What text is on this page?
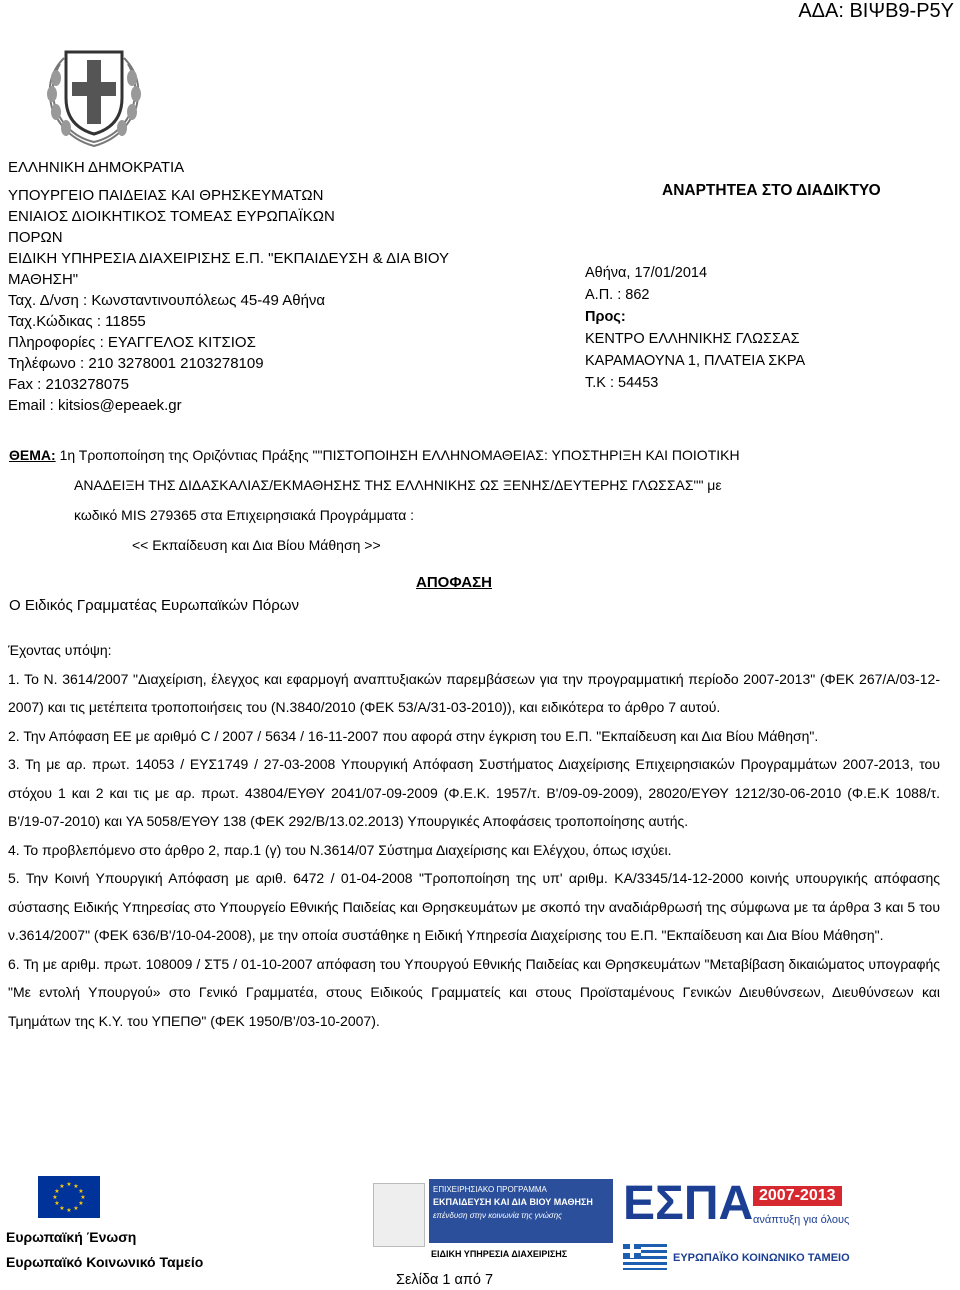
ΑΔΑ: ΒΙΨΒ9-Ρ5Υ
ΕΛΛΗΝΙΚΗ ΔΗΜΟΚΡΑΤΙΑ
ΥΠΟΥΡΓΕΙΟ ΠΑΙΔΕΙΑΣ ΚΑΙ ΘΡΗΣΚΕΥΜΑΤΩΝ
ΕΝΙΑΙΟΣ ΔΙΟΙΚΗΤΙΚΟΣ ΤΟΜΕΑΣ ΕΥΡΩΠΑΪΚΩΝ
ΠΟΡΩΝ
ΕΙΔΙΚΗ ΥΠΗΡΕΣΙΑ ΔΙΑΧΕΙΡΙΣΗΣ Ε.Π. "ΕΚΠΑΙΔΕΥΣΗ & ΔΙΑ ΒΙΟΥ
ΜΑΘΗΣΗ"
Ταχ. Δ/νση : Κωνσταντινουπόλεως 45-49 Αθήνα
Ταχ.Κώδικας : 11855
Πληροφορίες : ΕΥΑΓΓΕΛΟΣ ΚΙΤΣΙΟΣ
Τηλέφωνο : 210 3278001 2103278109
Fax : 2103278075
Email : kitsios@epeaek.gr
ΑΝΑΡΤΗΤΕΑ ΣΤΟ ΔΙΑΔΙΚΤΥΟ
Αθήνα, 17/01/2014
Α.Π. : 862
Προς:
ΚΕΝΤΡΟ ΕΛΛΗΝΙΚΗΣ ΓΛΩΣΣΑΣ
ΚΑΡΑΜΑΟΥΝΑ 1, ΠΛΑΤΕΙΑ ΣΚΡΑ
Τ.Κ : 54453
ΘΕΜΑ: 1η Τροποποίηση της Οριζόντιας Πράξης ""ΠΙΣΤΟΠΟΙΗΣΗ ΕΛΛΗΝΟΜΑΘΕΙΑΣ: ΥΠΟΣΤΗΡΙΞΗ ΚΑΙ ΠΟΙΟΤΙΚΗ
ΑΝΑΔΕΙΞΗ ΤΗΣ ΔΙΔΑΣΚΑΛΙΑΣ/ΕΚΜΑΘΗΣΗΣ ΤΗΣ ΕΛΛΗΝΙΚΗΣ ΩΣ ΞΕΝΗΣ/ΔΕΥΤΕΡΗΣ ΓΛΩΣΣΑΣ"" με
κωδικό MIS 279365 στα Επιχειρησιακά Προγράμματα :
<< Εκπαίδευση και Δια Βίου Μάθηση >>
ΑΠΟΦΑΣΗ
Ο Ειδικός Γραμματέας Ευρωπαϊκών Πόρων

Έχοντας υπόψη:

1. Το Ν. 3614/2007 "Διαχείριση, έλεγχος και εφαρμογή αναπτυξιακών παρεμβάσεων για την προγραμματική περίοδο 2007-2013" (ΦΕΚ 267/Α/03-12-2007) και τις μετέπειτα τροποποιήσεις του (Ν.3840/2010 (ΦΕΚ 53/Α/31-03-2010)), και ειδικότερα το άρθρο 7 αυτού.

2. Την Απόφαση ΕΕ με αριθμό C / 2007 / 5634 / 16-11-2007 που αφορά στην έγκριση του Ε.Π. "Εκπαίδευση και Δια Βίου Μάθηση".

3. Τη με αρ. πρωτ. 14053 / ΕΥΣ1749 / 27-03-2008 Υπουργική Απόφαση Συστήματος Διαχείρισης Επιχειρησιακών Προγραμμάτων 2007-2013, του στόχου 1 και 2 και τις με αρ. πρωτ. 43804/ΕΥΘΥ 2041/07-09-2009 (Φ.Ε.Κ. 1957/τ. Β'/09-09-2009), 28020/ΕΥΘΥ 1212/30-06-2010 (Φ.Ε.Κ 1088/τ. Β'/19-07-2010) και ΥΑ 5058/ΕΥΘΥ 138 (ΦΕΚ 292/Β/13.02.2013) Υπουργικές Αποφάσεις τροποποίησης αυτής.

4. Το προβλεπόμενο στο άρθρο 2, παρ.1 (γ) του Ν.3614/07 Σύστημα Διαχείρισης και Ελέγχου, όπως ισχύει.

5. Την Κοινή Υπουργική Απόφαση με αριθ. 6472 / 01-04-2008 "Τροποποίηση της υπ' αριθμ. ΚΑ/3345/14-12-2000 κοινής υπουργικής απόφασης σύστασης Ειδικής Υπηρεσίας στο Υπουργείο Εθνικής Παιδείας και Θρησκευμάτων με σκοπό την αναδιάρθρωσή της σύμφωνα με τα άρθρα 3 και 5 του ν.3614/2007" (ΦΕΚ 636/Β'/10-04-2008), με την οποία συστάθηκε η Ειδική Υπηρεσία Διαχείρισης του Ε.Π. "Εκπαίδευση και Δια Βίου Μάθηση".

6. Τη με αριθμ. πρωτ. 108009 / ΣΤ5 / 01-10-2007 απόφαση του Υπουργού Εθνικής Παιδείας και Θρησκευμάτων "Μεταβίβαση δικαιώματος υπογραφής "Με εντολή Υπουργού» στο Γενικό Γραμματέα, στους Ειδικούς Γραμματείς και στους Προϊσταμένους Γενικών Διευθύνσεων, Διευθύνσεων και Τμημάτων της Κ.Υ. του ΥΠΕΠΘ" (ΦΕΚ 1950/Β'/03-10-2007).

★ ★
★
★
★
★
★
★
★
★
★
★
Ευρωπαϊκή Ένωση
Ευρωπαϊκό Κοινωνικό Ταμείο
ΕΠΙΧΕΙΡΗΣΙΑΚΟ ΠΡΟΓΡΑΜΜΑ
ΕΚΠΑΙΔΕΥΣΗ ΚΑΙ ΔΙΑ ΒΙΟΥ ΜΑΘΗΣΗ
επένδυση στην κοινωνία της γνώσης
ΕΙΔΙΚΗ ΥΠΗΡΕΣΙΑ ΔΙΑΧΕΙΡΙΣΗΣ
ΕΣΠΑ 2007-2013
ανάπτυξη για όλους
ΕΥΡΩΠΑΪΚΟ ΚΟΙΝΩΝΙΚΟ ΤΑΜΕΙΟ
Σελίδα 1 από 7
